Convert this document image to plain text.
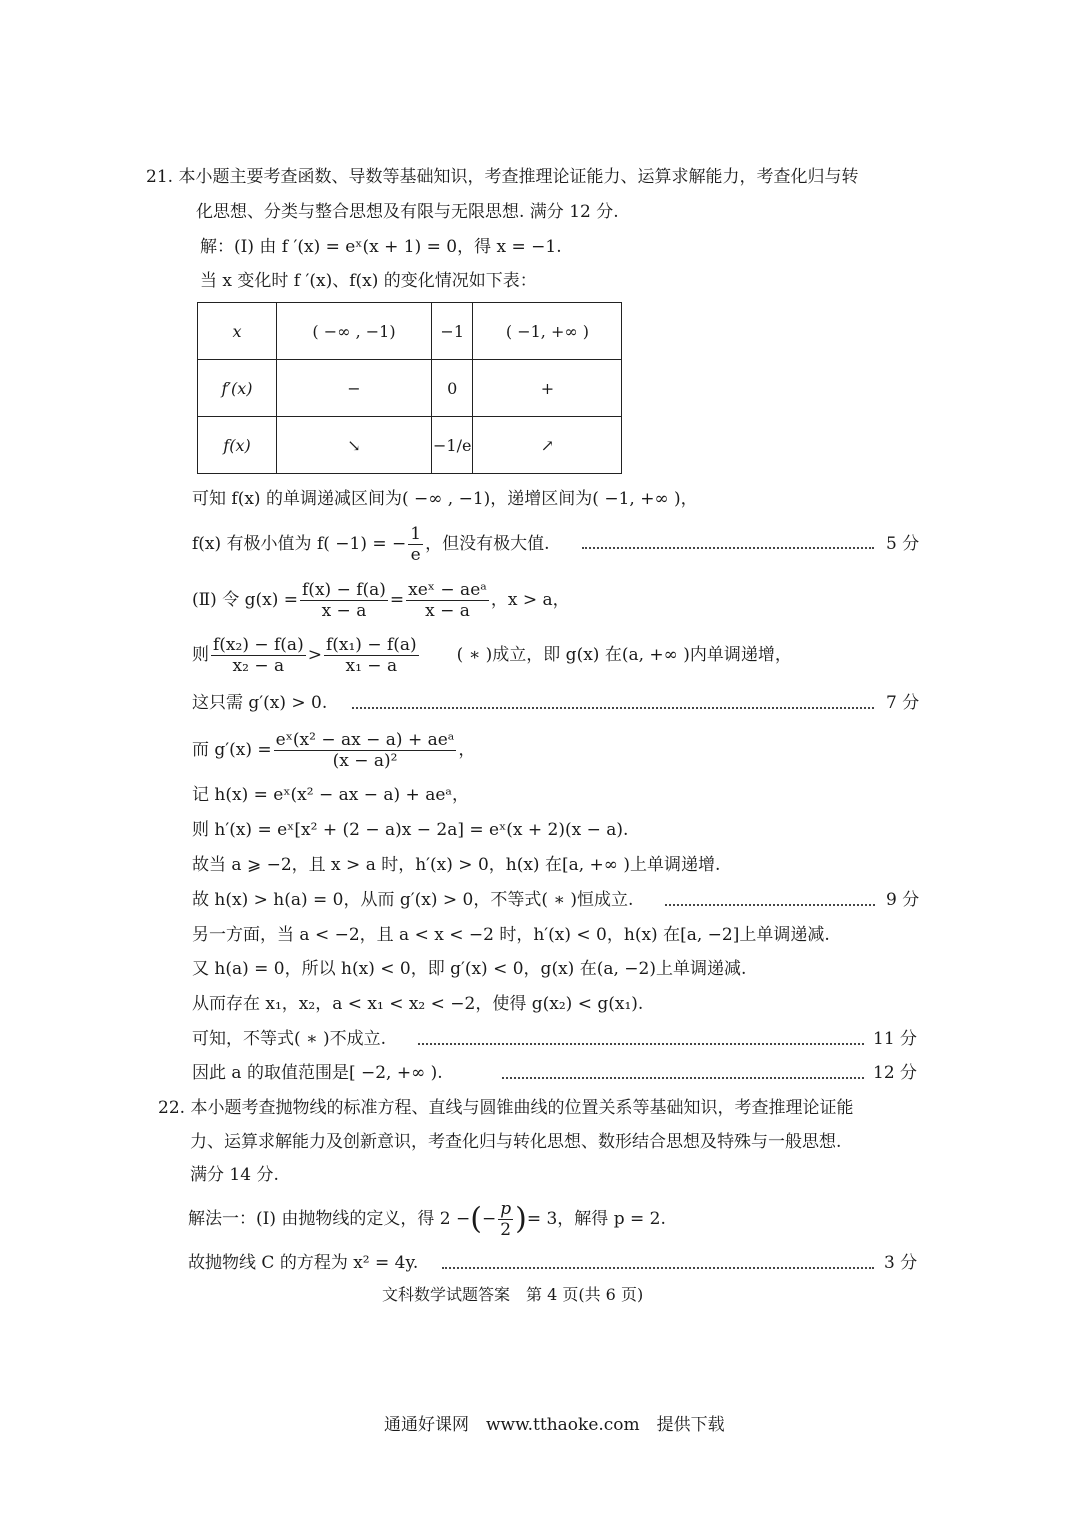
21. 本小题主要考查函数、导数等基础知识，考查推理论证能力、运算求解能力，考查化归与转
化思想、分类与整合思想及有限与无限思想. 满分 12 分.
解：(Ⅰ) 由 f ′(x) = eˣ(x + 1) = 0，得 x = −1.
当 x 变化时 f ′(x)、f(x) 的变化情况如下表：
x	( −∞ , −1)	−1	( −1, +∞ )
f′(x)	−	0	+
f(x)	↘	−1/e	↗
可知 f(x) 的单调递减区间为( −∞ , −1)，递增区间为( −1, +∞ )，
f(x) 有极小值为 f( −1) = − $\frac{1}{e}$ ，但没有极大值.	5 分
(Ⅱ) 令 $g(x) = \frac{f(x) - f(a)}{x - a} = \frac{\text{xeˣ − aeᵃ}}{x - a}$ ，x > a，
则 $\frac{\text{f(x₂) − f(a)}}{\text{x₂ − a}} > \frac{\text{f(x₁) − f(a)}}{\text{x₁ − a}}$ ( ∗ )成立，即 g(x) 在(a, +∞ )内单调递增，
这只需 g′(x) > 0.	7 分
而 $g'(x) = \frac{\text{eˣ(x² − ax − a) + aeᵃ}}{\text{(x − a)²}}$ ，
记 h(x) = eˣ(x² − ax − a) + aeᵃ，
则 h′(x) = eˣ[x² + (2 − a)x − 2a] = eˣ(x + 2)(x − a).
故当 a ⩾ −2，且 x > a 时，h′(x) > 0，h(x) 在[a, +∞ )上单调递增.
故 h(x) > h(a) = 0，从而 g′(x) > 0，不等式( ∗ )恒成立.	9 分
另一方面，当 a < −2，且 a < x < −2 时，h′(x) < 0，h(x) 在[a, −2]上单调递减.
又 h(a) = 0，所以 h(x) < 0，即 g′(x) < 0，g(x) 在(a, −2)上单调递减.
从而存在 x₁，x₂，a < x₁ < x₂ < −2，使得 g(x₂) < g(x₁).
可知，不等式( ∗ )不成立.	11 分
因此 a 的取值范围是[ −2, +∞ ).	12 分
22. 本小题考查抛物线的标准方程、直线与圆锥曲线的位置关系等基础知识，考查推理论证能
力、运算求解能力及创新意识，考查化归与转化思想、数形结合思想及特殊与一般思想.
满分 14 分.
解法一：(Ⅰ) 由抛物线的定义，得 2 −(− $\frac{p}{2}$ )= 3，解得 p = 2.
故抛物线 C 的方程为 x² = 4y.	3 分
文科数学试题答案　第 4 页(共 6 页)
通通好课网　www.tthaoke.com　提供下载
